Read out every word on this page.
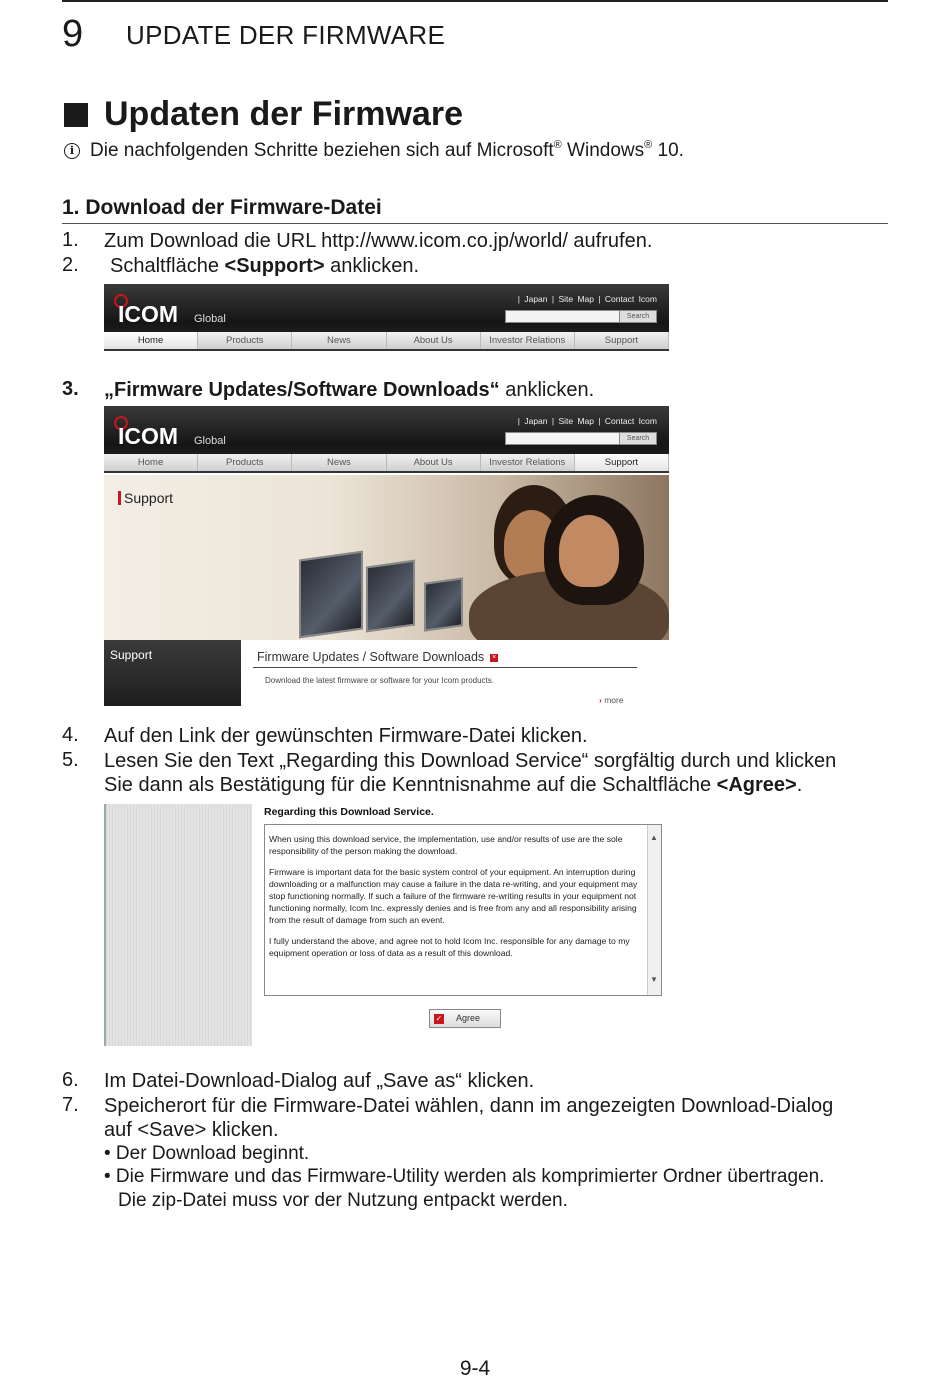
9 UPDATE DER FIRMWARE
Updaten der Firmware
i Die nachfolgenden Schritte beziehen sich auf Microsoft® Windows® 10.
1. Download der Firmware-Datei
1. Zum Download die URL http://www.icom.co.jp/world/ aufrufen.
2. Schaltfläche <Support> anklicken.
ICOM Global
| Japan | Site Map | Contact Icom
Search
Home	Products	News	About Us	Investor Relations	Support
3. „Firmware Updates/Software Downloads“ anklicken.
ICOM Global
| Japan | Site Map | Contact Icom
Search
Home	Products	News	About Us	Investor Relations	Support
Support
Support	Firmware Updates / Software Downloads ×
Download the latest firmware or software for your Icom products.
› more
4. Auf den Link der gewünschten Firmware-Datei klicken.
5. Lesen Sie den Text „Regarding this Download Service“ sorgfältig durch und klicken
Sie dann als Bestätigung für die Kenntnisnahme auf die Schaltfläche <Agree>.
Regarding this Download Service.

When using this download service, the implementation, use and/or results of use are the sole responsibility of the person making the download.

Firmware is important data for the basic system control of your equipment. An interruption during downloading or a malfunction may cause a failure in the data re-writing, and your equipment may stop functioning normally. If such a failure of the firmware re-writing results in your equipment not functioning normally, Icom Inc. expressly denies and is free from any and all responsibility arising from the result of damage from such an event.

I fully understand the above, and agree not to hold Icom Inc. responsible for any damage to my equipment operation or loss of data as a result of this download.

▲
▼
✓ Agree
6. Im Datei-Download-Dialog auf „Save as“ klicken.
7. Speicherort für die Firmware-Datei wählen, dann im angezeigten Download-Dialog
auf <Save> klicken.
• Der Download beginnt.
• Die Firmware und das Firmware-Utility werden als komprimierter Ordner übertragen.
Die zip-Datei muss vor der Nutzung entpackt werden.
9-4
